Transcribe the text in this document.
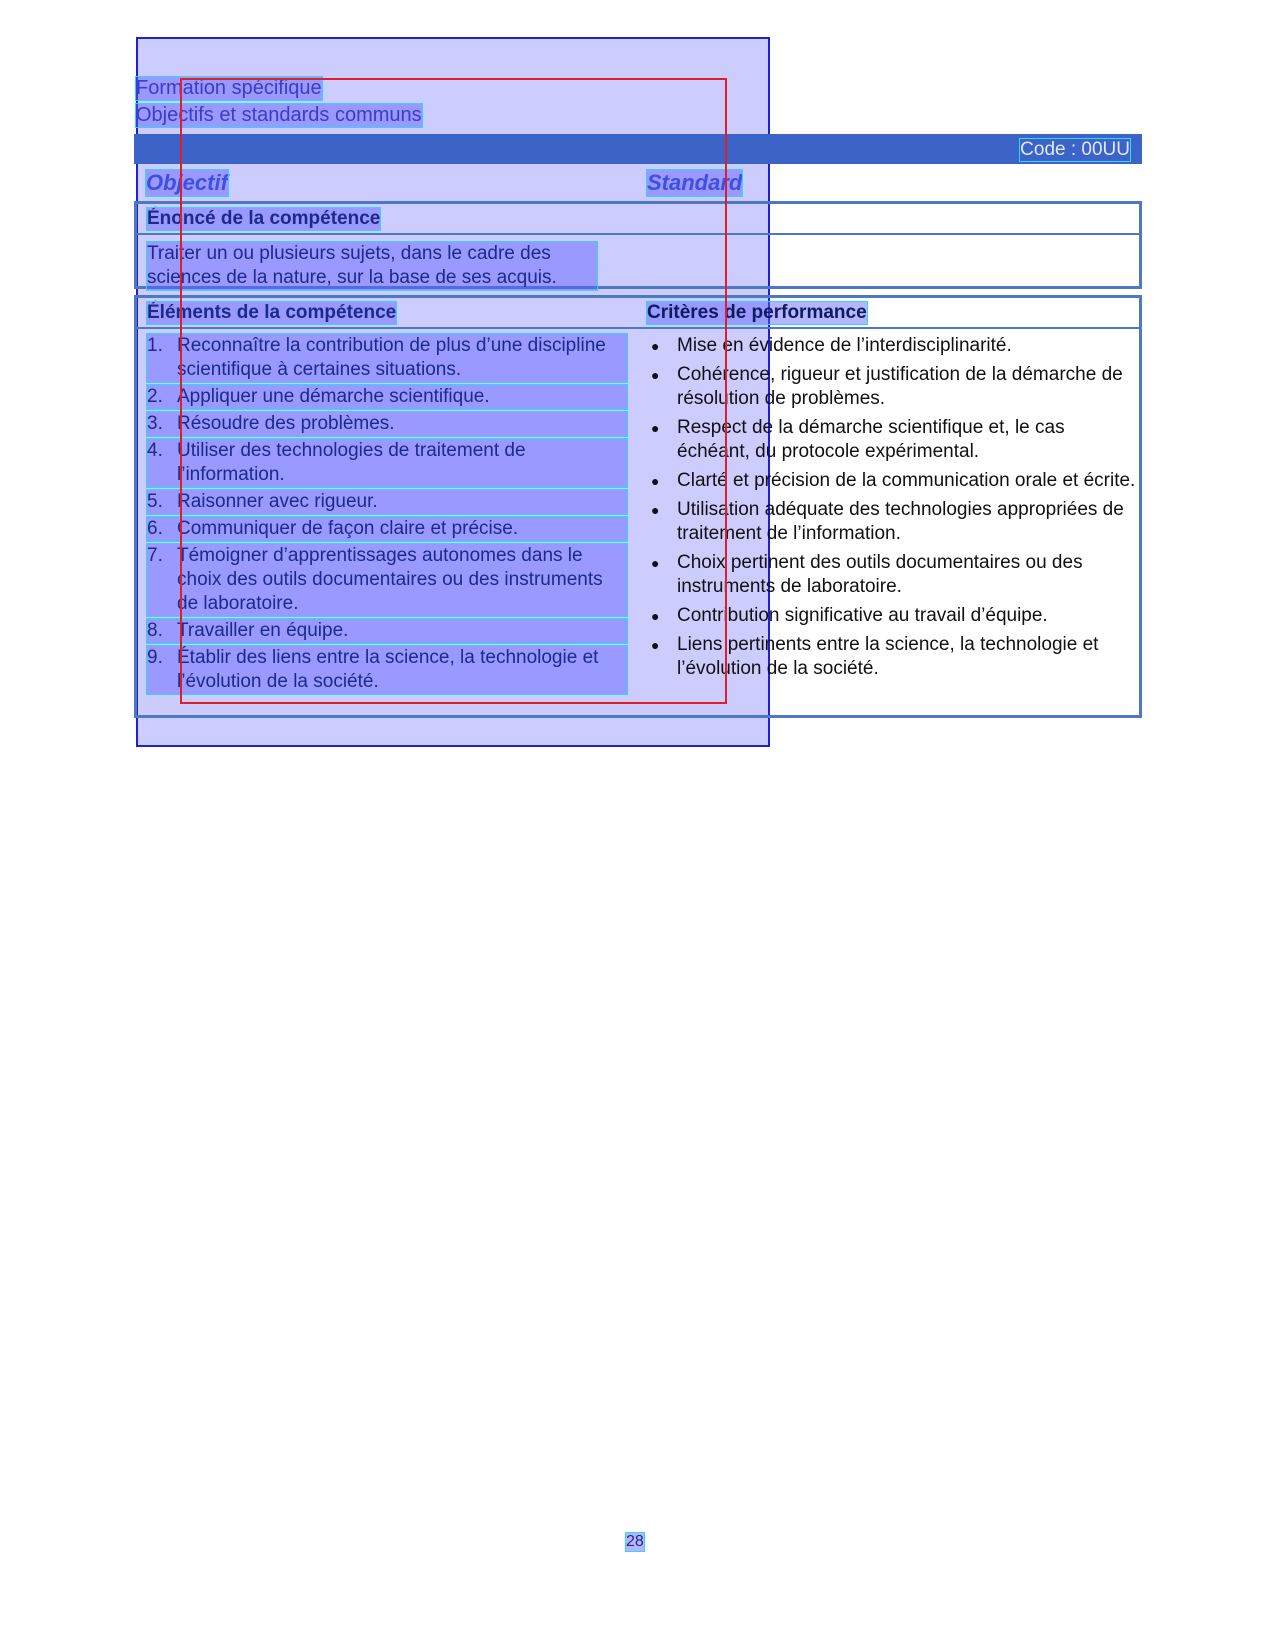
Formation spécifique
Objectifs et standards communs
Code : 00UU
Objectif	Standard
Énoncé de la compétence
Traiter un ou plusieurs sujets, dans le cadre des sciences de la nature, sur la base de ses acquis.
Éléments de la compétence	Critères de performance
1. Reconnaître la contribution de plus d’une discipline scientifique à certaines situations.
2. Appliquer une démarche scientifique.
3. Résoudre des problèmes.
4. Utiliser des technologies de traitement de l’information.
5. Raisonner avec rigueur.
6. Communiquer de façon claire et précise.
7. Témoigner d’apprentissages autonomes dans le choix des outils documentaires ou des instruments de laboratoire.
8. Travailler en équipe.
9. Établir des liens entre la science, la technologie et l’évolution de la société.
● Mise en évidence de l’interdisciplinarité.
● Cohérence, rigueur et justification de la démarche de résolution de problèmes.
● Respect de la démarche scientifique et, le cas échéant, du protocole expérimental.
● Clarté et précision de la communication orale et écrite.
● Utilisation adéquate des technologies appropriées de traitement de l’information.
● Choix pertinent des outils documentaires ou des instruments de laboratoire.
● Contribution significative au travail d’équipe.
● Liens pertinents entre la science, la technologie et l’évolution de la société.
28
